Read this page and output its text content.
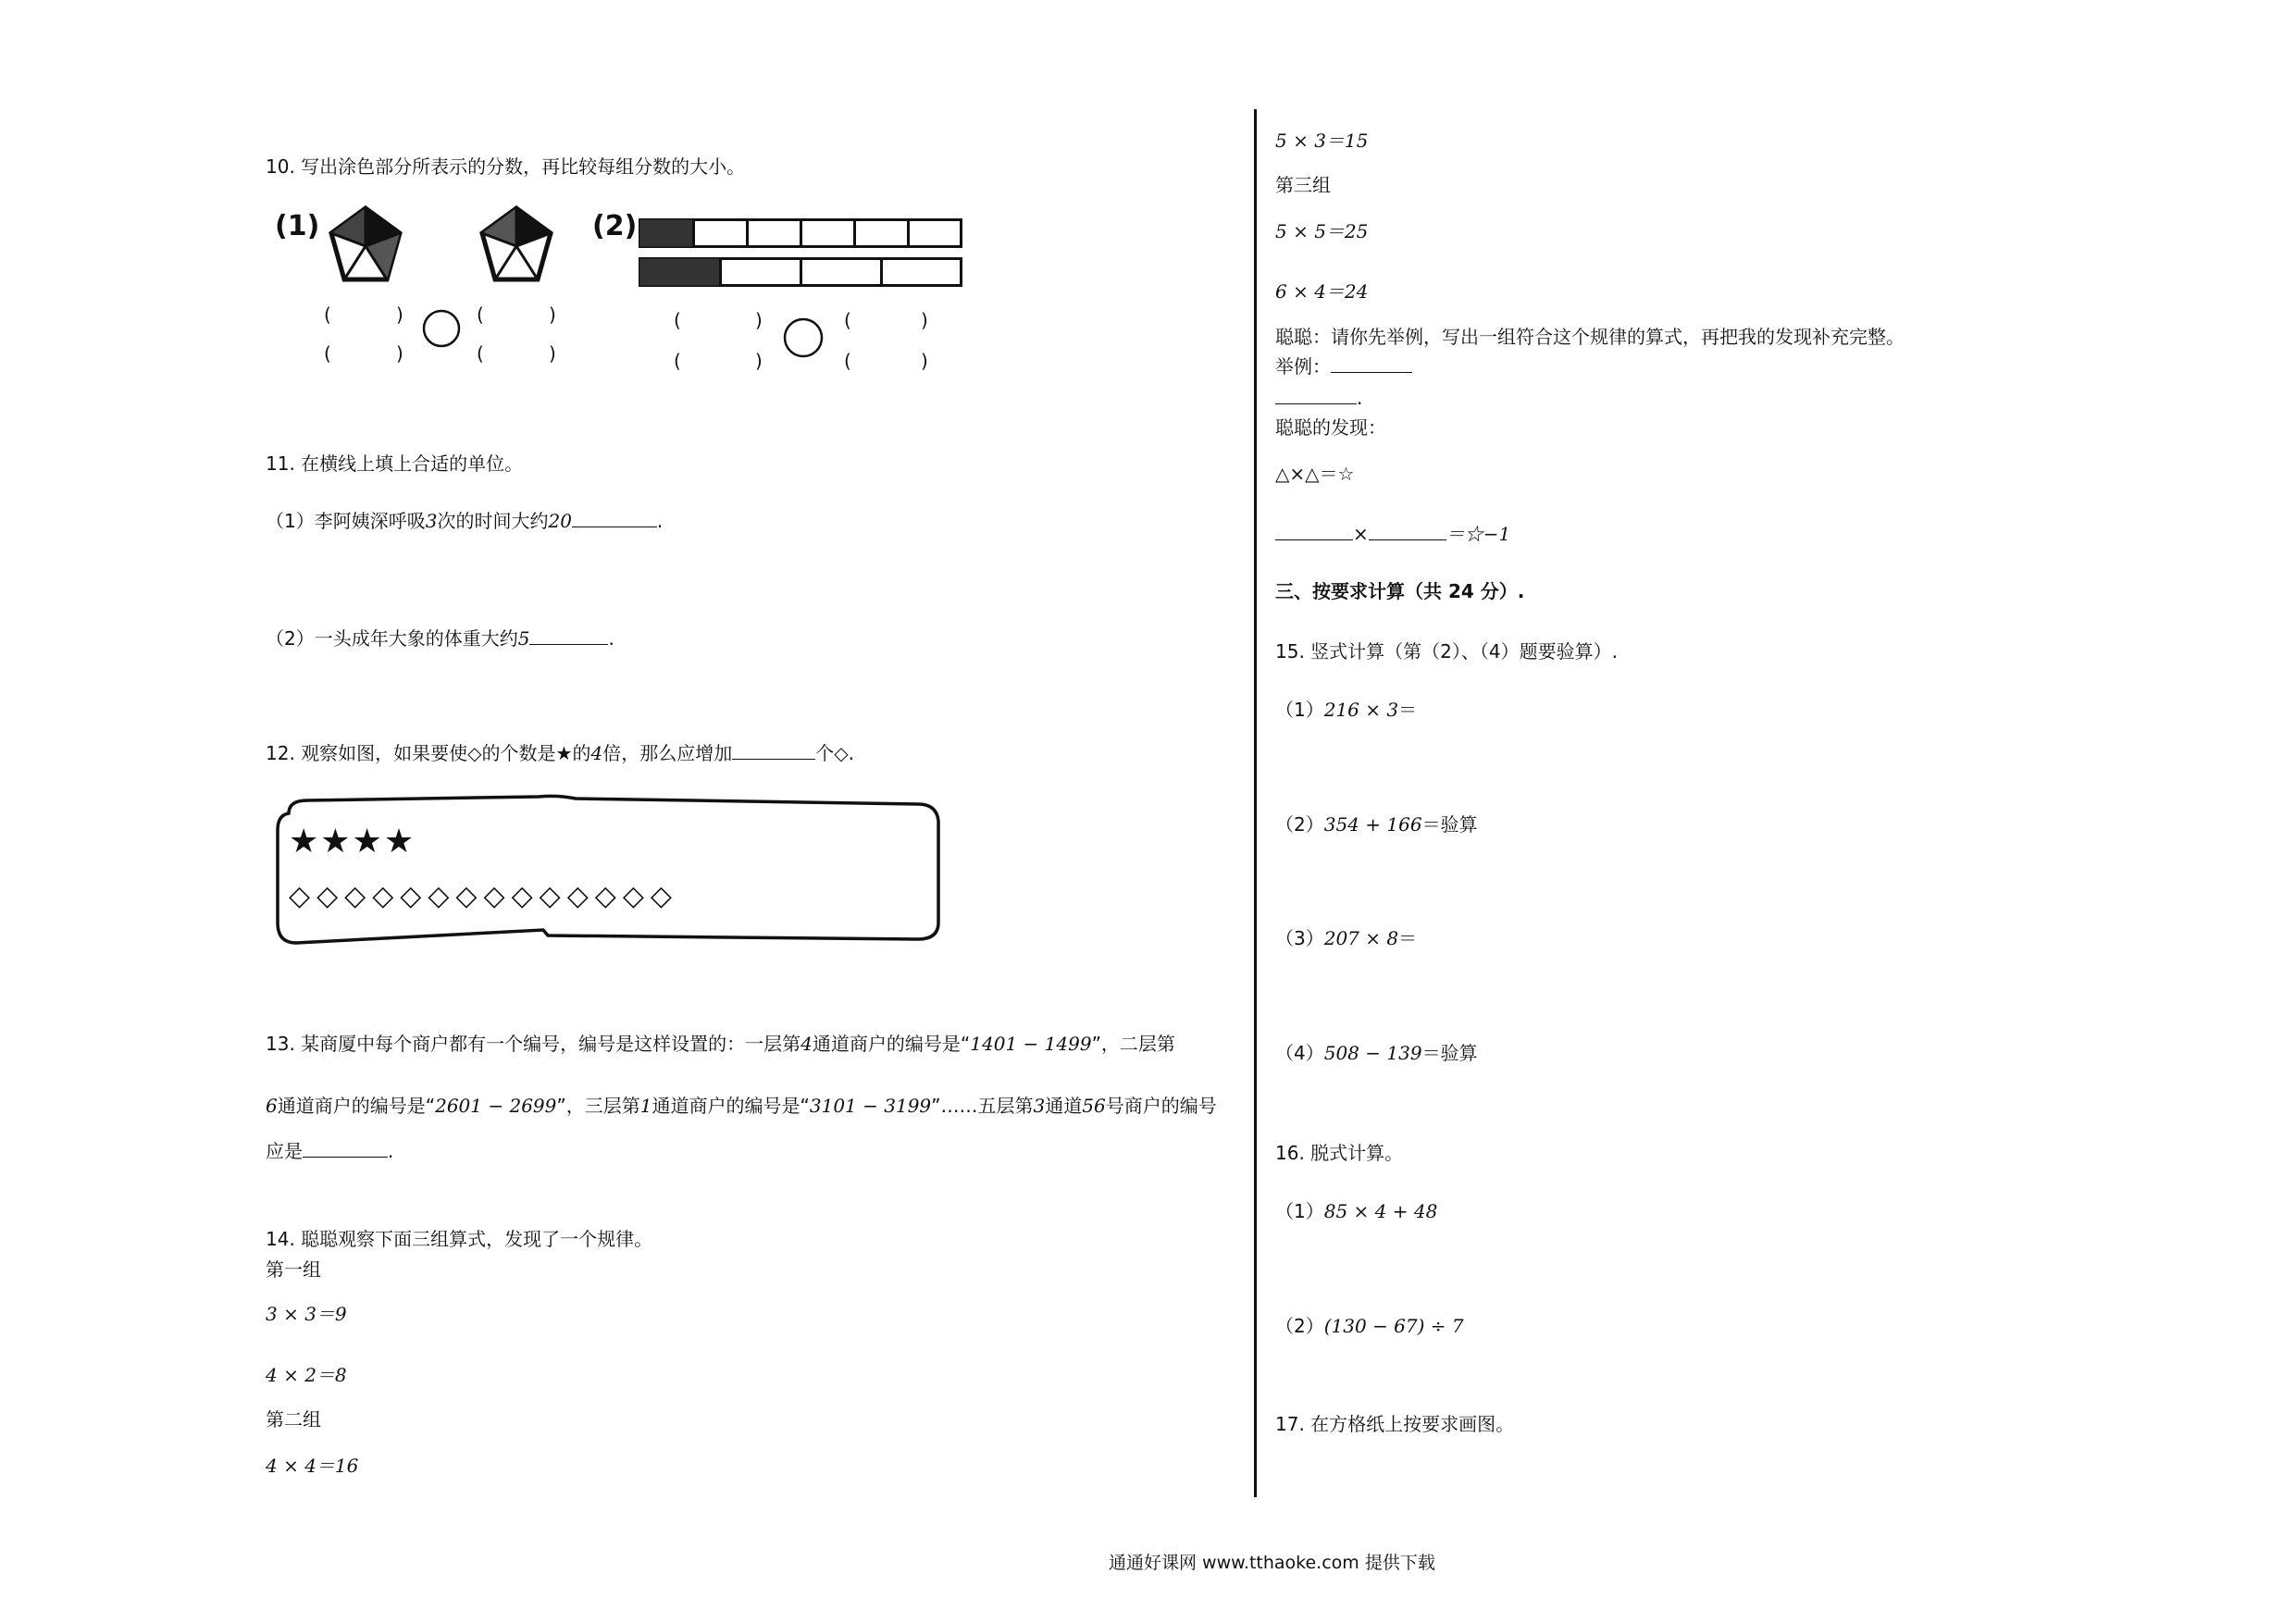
10. 写出涂色部分所表示的分数，再比较每组分数的大小。
(1)	(2)
(	)
(	)
(	)
(	)
(	)
(	)
(	)
(	)
11. 在横线上填上合适的单位。
（1）李阿姨深呼吸3次的时间大约20	.
（2）一头成年大象的体重大约5	.
12. 观察如图，如果要使◇的个数是★的4倍，那么应增加	个◇.
★★★★
◇◇◇◇◇◇◇◇◇◇◇◇◇◇
13. 某商厦中每个商户都有一个编号，编号是这样设置的：一层第4通道商户的编号是“1401 − 1499”，二层第
6通道商户的编号是“2601 − 2699”，三层第1通道商户的编号是“3101 − 3199”……五层第3通道56号商户的编号
应是	.
14. 聪聪观察下面三组算式，发现了一个规律。
第一组
3 × 3＝9
4 × 2＝8
第二组
4 × 4＝16
5 × 3＝15
第三组
5 × 5＝25
6 × 4＝24
聪聪：请你先举例，写出一组符合这个规律的算式，再把我的发现补充完整。
举例：
.
聪聪的发现：
△×△＝☆
×	＝☆−1
三、按要求计算（共 24 分）.
15. 竖式计算（第（2）、（4）题要验算）.
（1）216 × 3＝
（2）354 + 166＝验算
（3）207 × 8＝
（4）508 − 139＝验算
16. 脱式计算。
（1）85 × 4 + 48
（2）(130 − 67) ÷ 7
17. 在方格纸上按要求画图。
通通好课网 www.tthaoke.com 提供下载
